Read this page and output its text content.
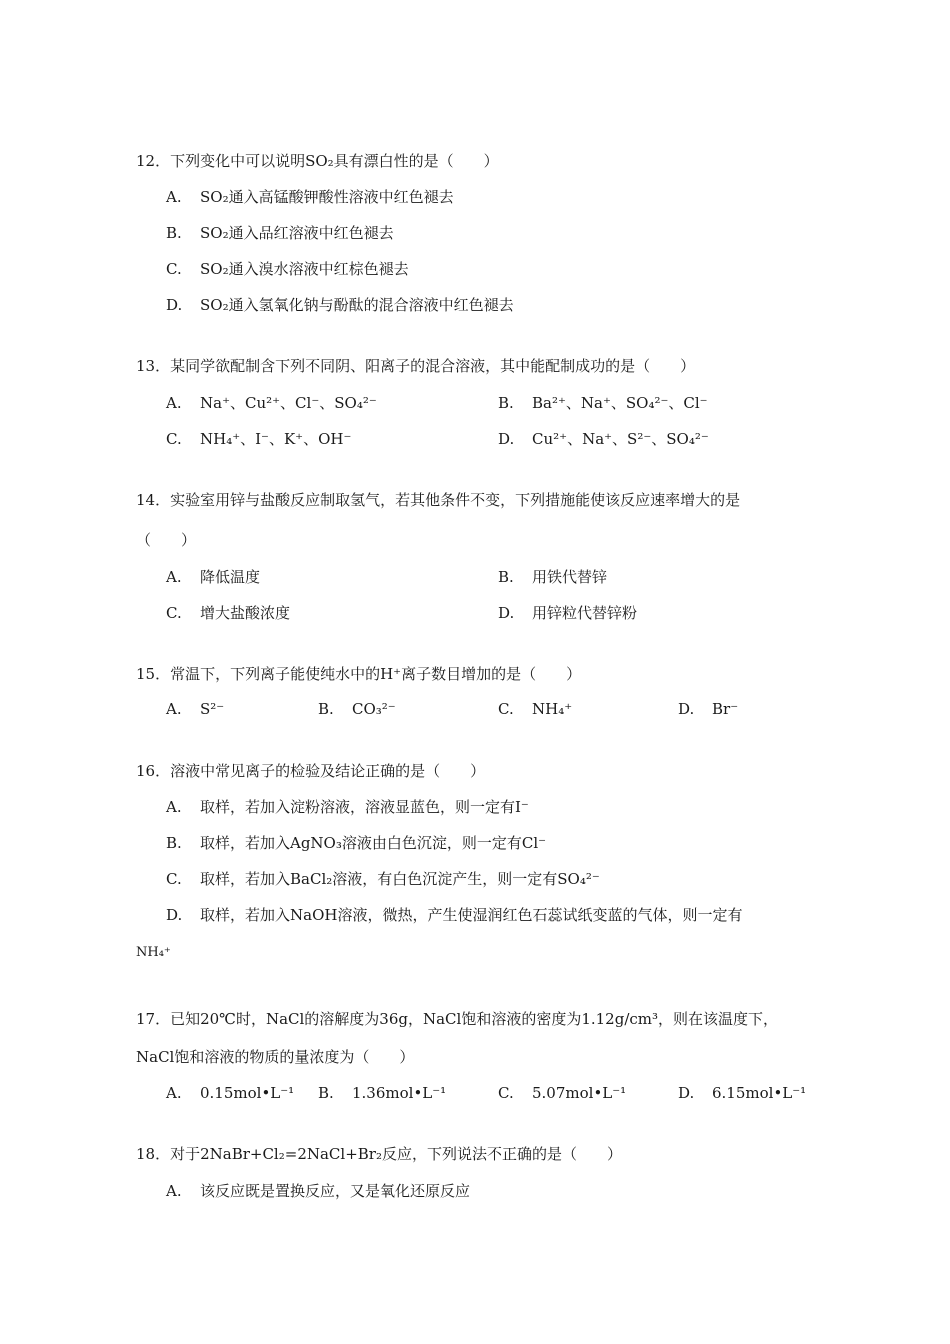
12．下列变化中可以说明SO₂具有漂白性的是（　　）
A. SO₂通入高锰酸钾酸性溶液中红色褪去
B. SO₂通入品红溶液中红色褪去
C. SO₂通入溴水溶液中红棕色褪去
D. SO₂通入氢氧化钠与酚酞的混合溶液中红色褪去
13．某同学欲配制含下列不同阴、阳离子的混合溶液，其中能配制成功的是（　　）
A. Na⁺、Cu²⁺、Cl⁻、SO₄²⁻	B. Ba²⁺、Na⁺、SO₄²⁻、Cl⁻
C. NH₄⁺、I⁻、K⁺、OH⁻	D. Cu²⁺、Na⁺、S²⁻、SO₄²⁻
14．实验室用锌与盐酸反应制取氢气，若其他条件不变，下列措施能使该反应速率增大的是
（　　）
A. 降低温度	B. 用铁代替锌
C. 增大盐酸浓度	D. 用锌粒代替锌粉
15．常温下，下列离子能使纯水中的H⁺离子数目增加的是（　　）
A. S²⁻	B. CO₃²⁻	C. NH₄⁺	D. Br⁻
16．溶液中常见离子的检验及结论正确的是（　　）
A. 取样，若加入淀粉溶液，溶液显蓝色，则一定有I⁻
B. 取样，若加入AgNO₃溶液由白色沉淀，则一定有Cl⁻
C. 取样，若加入BaCl₂溶液，有白色沉淀产生，则一定有SO₄²⁻
D. 取样，若加入NaOH溶液，微热，产生使湿润红色石蕊试纸变蓝的气体，则一定有
NH₄⁺
17．已知20℃时，NaCl的溶解度为36g，NaCl饱和溶液的密度为1.12g/cm³，则在该温度下，
NaCl饱和溶液的物质的量浓度为（　　）
A. 0.15mol•L⁻¹ B. 1.36mol•L⁻¹	C. 5.07mol•L⁻¹	D. 6.15mol•L⁻¹
18．对于2NaBr+Cl₂=2NaCl+Br₂反应，下列说法不正确的是（　　）
A. 该反应既是置换反应，又是氧化还原反应
